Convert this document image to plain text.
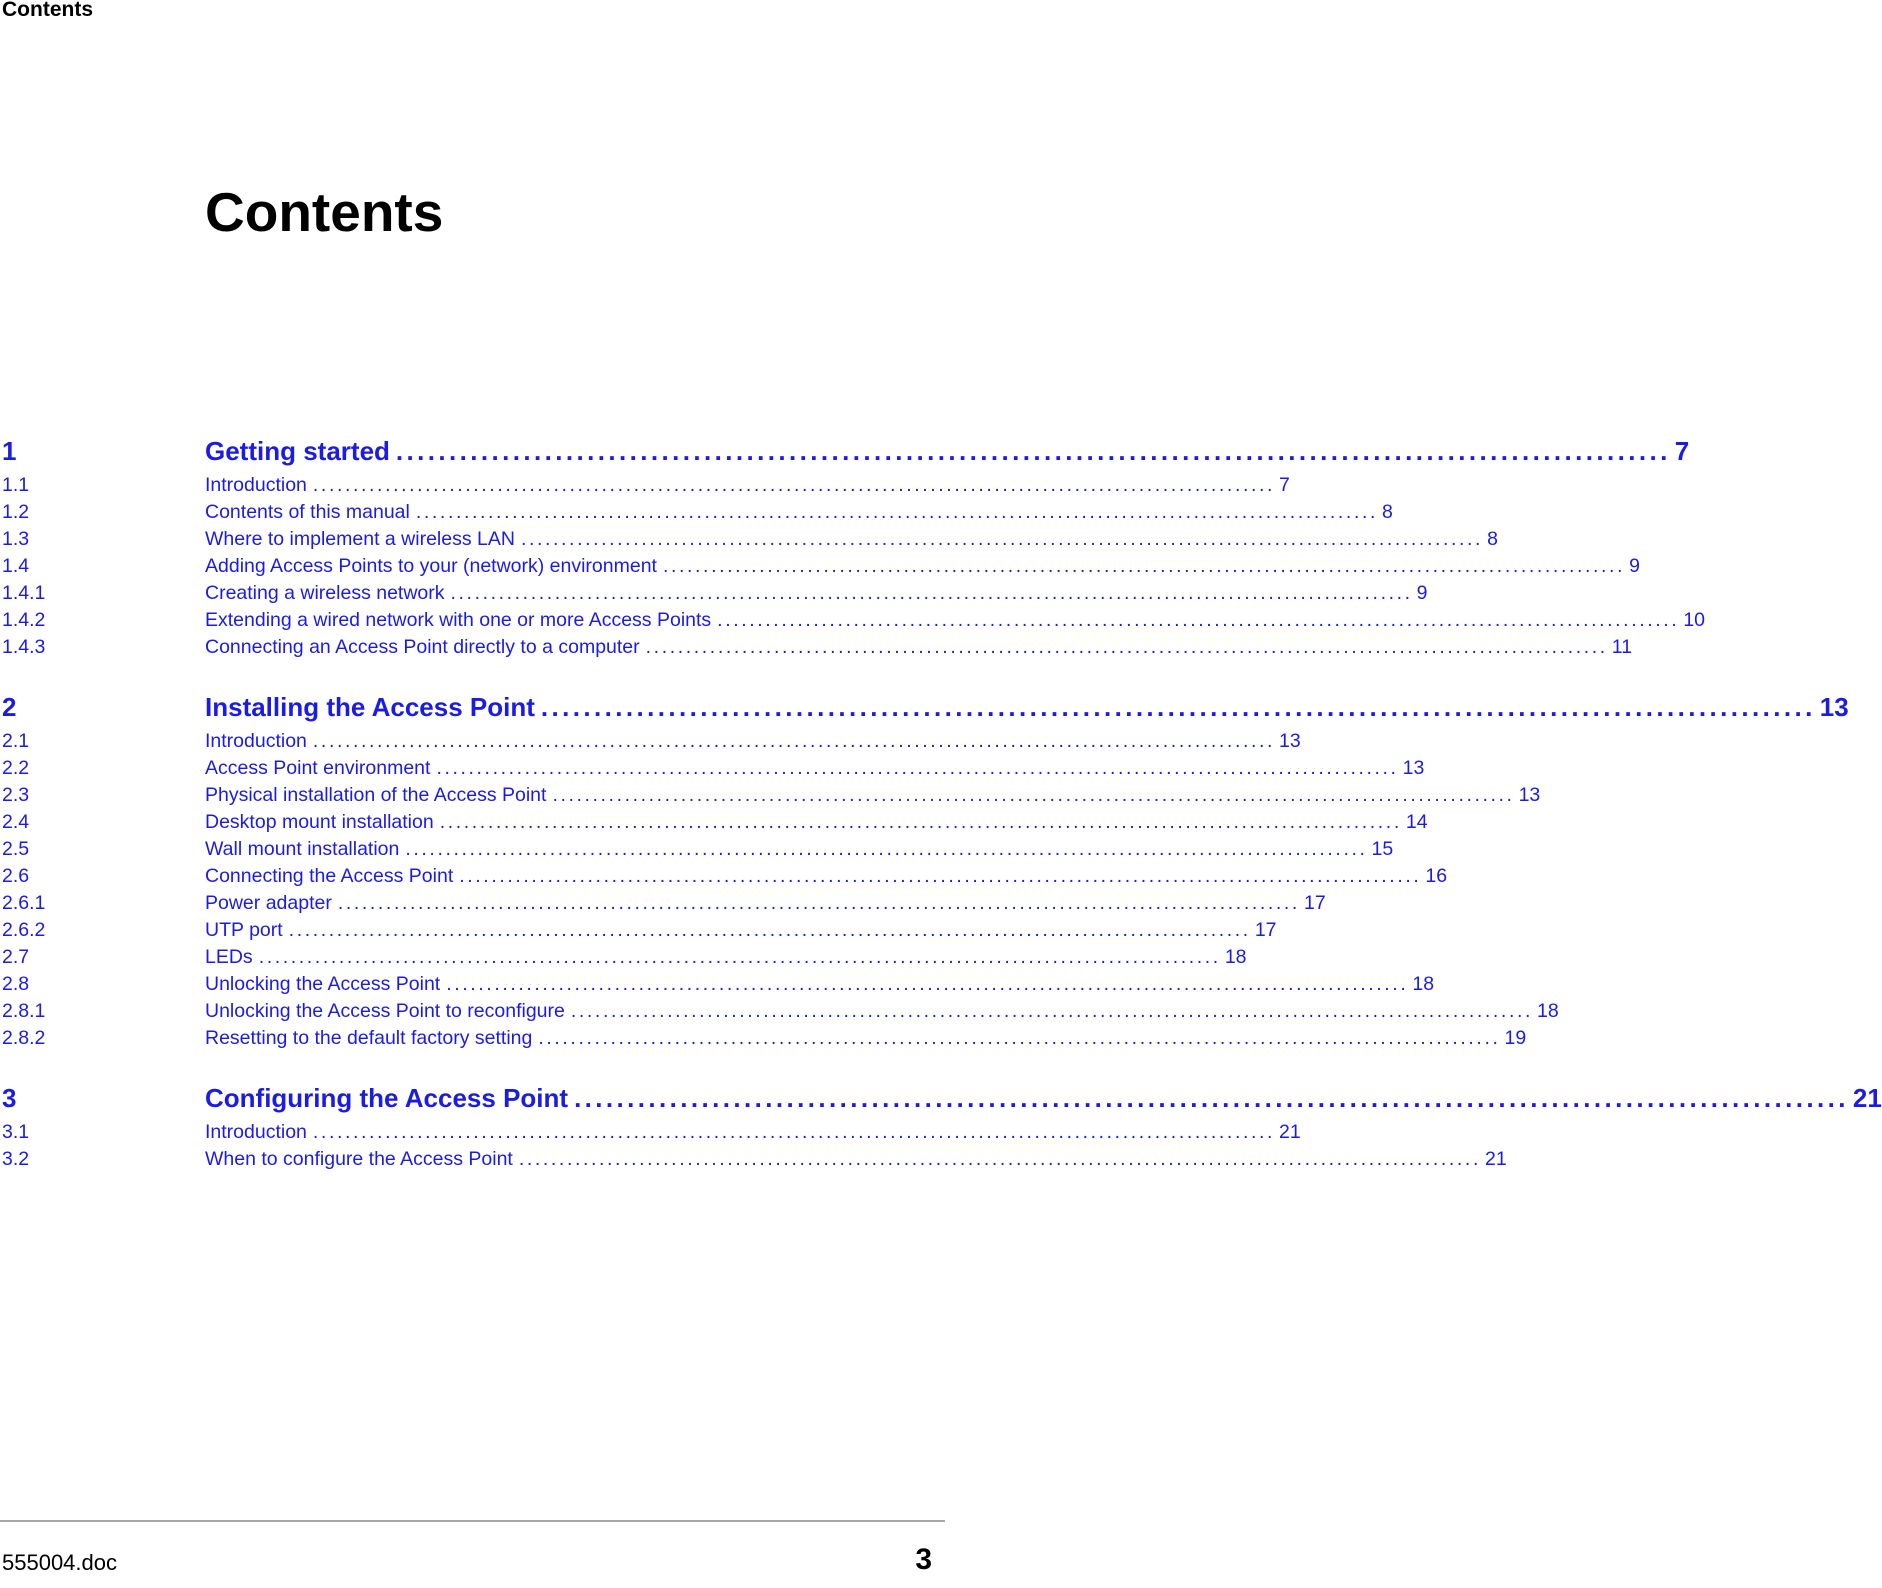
Contents
Contents
1	Getting started ........................................................................................................................ 7
1.1	Introduction ........................................................................................................................ 7
1.2	Contents of this manual ........................................................................................................................ 8
1.3	Where to implement a wireless LAN ........................................................................................................................ 8
1.4	Adding Access Points to your (network) environment ........................................................................................................................ 9
1.4.1	Creating a wireless network ........................................................................................................................ 9
1.4.2	Extending a wired network with one or more Access Points ........................................................................................................................ 10
1.4.3	Connecting an Access Point directly to a computer ........................................................................................................................ 11
2	Installing the Access Point ........................................................................................................................ 13
2.1	Introduction ........................................................................................................................ 13
2.2	Access Point environment ........................................................................................................................ 13
2.3	Physical installation of the Access Point ........................................................................................................................ 13
2.4	Desktop mount installation ........................................................................................................................ 14
2.5	Wall mount installation ........................................................................................................................ 15
2.6	Connecting the Access Point ........................................................................................................................ 16
2.6.1	Power adapter ........................................................................................................................ 17
2.6.2	UTP port ........................................................................................................................ 17
2.7	LEDs ........................................................................................................................ 18
2.8	Unlocking the Access Point ........................................................................................................................ 18
2.8.1	Unlocking the Access Point to reconfigure ........................................................................................................................ 18
2.8.2	Resetting to the default factory setting ........................................................................................................................ 19
3	Configuring the Access Point ........................................................................................................................ 21
3.1	Introduction ........................................................................................................................ 21
3.2	When to configure the Access Point ........................................................................................................................ 21
555004.doc	3
